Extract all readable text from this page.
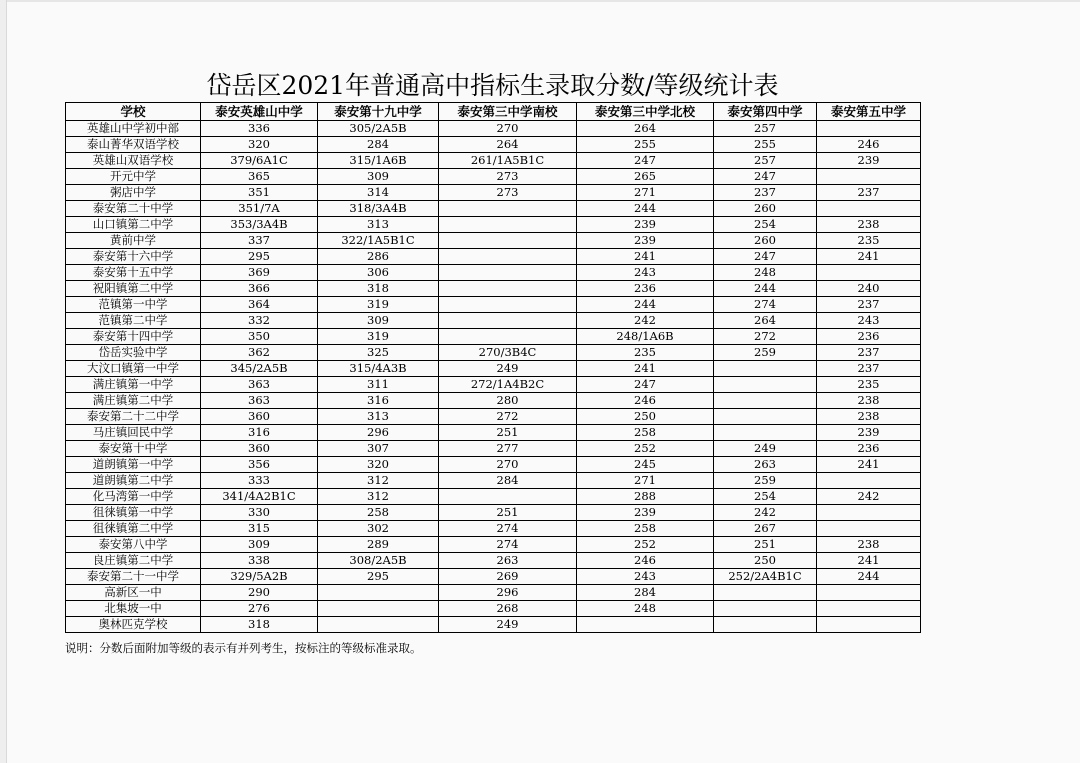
岱岳区2021年普通高中指标生录取分数/等级统计表
学校	泰安英雄山中学	泰安第十九中学	泰安第三中学南校	泰安第三中学北校	泰安第四中学	泰安第五中学
英雄山中学初中部	336	305/2A5B	270	264	257	
泰山菁华双语学校	320	284	264	255	255	246
英雄山双语学校	379/6A1C	315/1A6B	261/1A5B1C	247	257	239
开元中学	365	309	273	265	247	
粥店中学	351	314	273	271	237	237
泰安第二十中学	351/7A	318/3A4B		244	260	
山口镇第二中学	353/3A4B	313		239	254	238
黄前中学	337	322/1A5B1C		239	260	235
泰安第十六中学	295	286		241	247	241
泰安第十五中学	369	306		243	248	
祝阳镇第二中学	366	318		236	244	240
范镇第一中学	364	319		244	274	237
范镇第二中学	332	309		242	264	243
泰安第十四中学	350	319		248/1A6B	272	236
岱岳实验中学	362	325	270/3B4C	235	259	237
大汶口镇第一中学	345/2A5B	315/4A3B	249	241		237
满庄镇第一中学	363	311	272/1A4B2C	247		235
满庄镇第二中学	363	316	280	246		238
泰安第二十二中学	360	313	272	250		238
马庄镇回民中学	316	296	251	258		239
泰安第十中学	360	307	277	252	249	236
道朗镇第一中学	356	320	270	245	263	241
道朗镇第二中学	333	312	284	271	259	
化马湾第一中学	341/4A2B1C	312		288	254	242
徂徕镇第一中学	330	258	251	239	242	
徂徕镇第二中学	315	302	274	258	267	
泰安第八中学	309	289	274	252	251	238
良庄镇第二中学	338	308/2A5B	263	246	250	241
泰安第二十一中学	329/5A2B	295	269	243	252/2A4B1C	244
高新区一中	290		296	284		
北集坡一中	276		268	248		
奥林匹克学校	318		249			
说明：分数后面附加等级的表示有并列考生，按标注的等级标准录取。
